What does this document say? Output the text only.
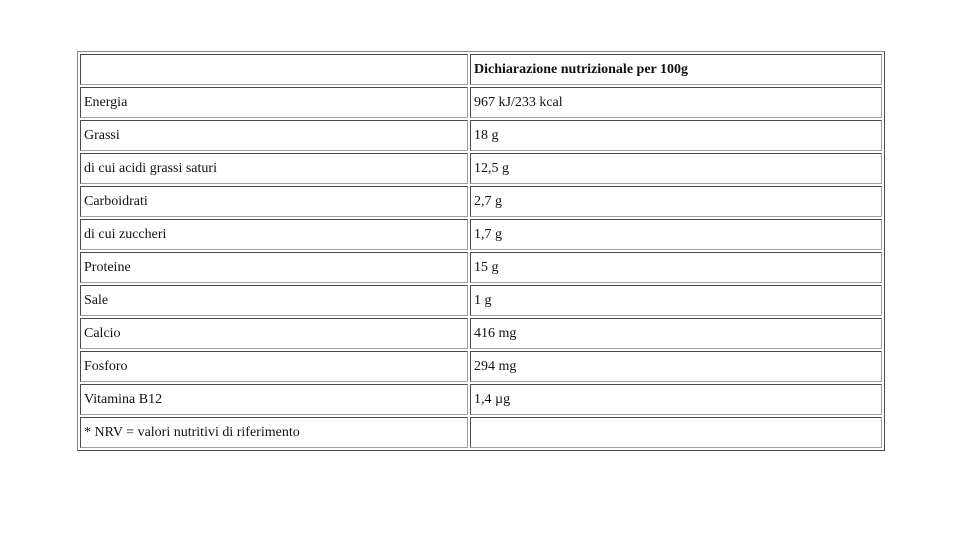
	Dichiarazione nutrizionale per 100g
Energia	967 kJ/233 kcal
Grassi	18 g
di cui acidi grassi saturi	12,5 g
Carboidrati	2,7 g
di cui zuccheri	1,7 g
Proteine	15 g
Sale	1 g
Calcio	416 mg
Fosforo	294 mg
Vitamina B12	1,4 µg
* NRV = valori nutritivi di riferimento	
